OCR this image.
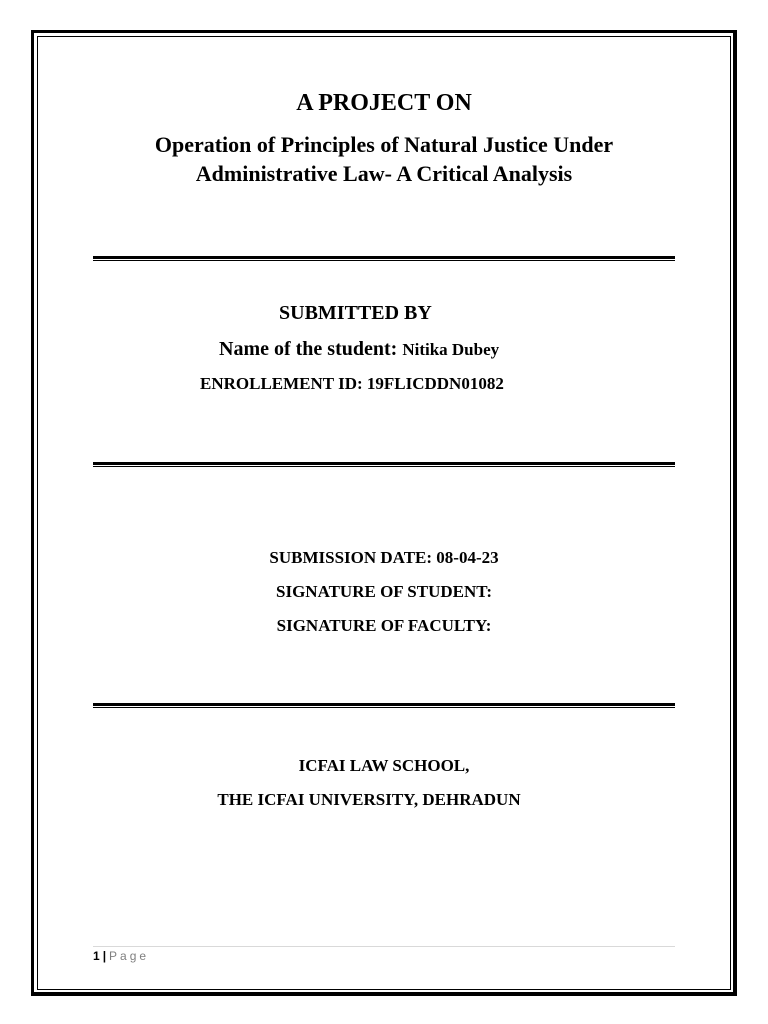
A PROJECT ON
Operation of Principles of Natural Justice Under
Administrative Law- A Critical Analysis
SUBMITTED BY
Name of the student: Nitika Dubey
ENROLLEMENT ID: 19FLICDDN01082
SUBMISSION DATE: 08-04-23
SIGNATURE OF STUDENT:
SIGNATURE OF FACULTY:
ICFAI LAW SCHOOL,
THE ICFAI UNIVERSITY, DEHRADUN
1 | Page
